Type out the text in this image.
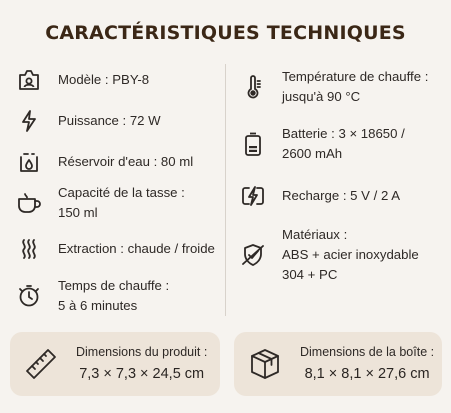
CARACTÉRISTIQUES TECHNIQUES
Modèle : PBY-8
Puissance : 72 W
Réservoir d'eau : 80 ml
Capacité de la tasse :
150 ml
Extraction : chaude / froide
Temps de chauffe :
5 à 6 minutes
Température de chauffe :
jusqu'à 90 °C
Batterie : 3 × 18650 /
2600 mAh
Recharge : 5 V / 2 A
Matériaux :
ABS + acier inoxydable
304 + PC
Dimensions du produit :
7,3 × 7,3 × 24,5 cm
Dimensions de la boîte :
8,1 × 8,1 × 27,6 cm
